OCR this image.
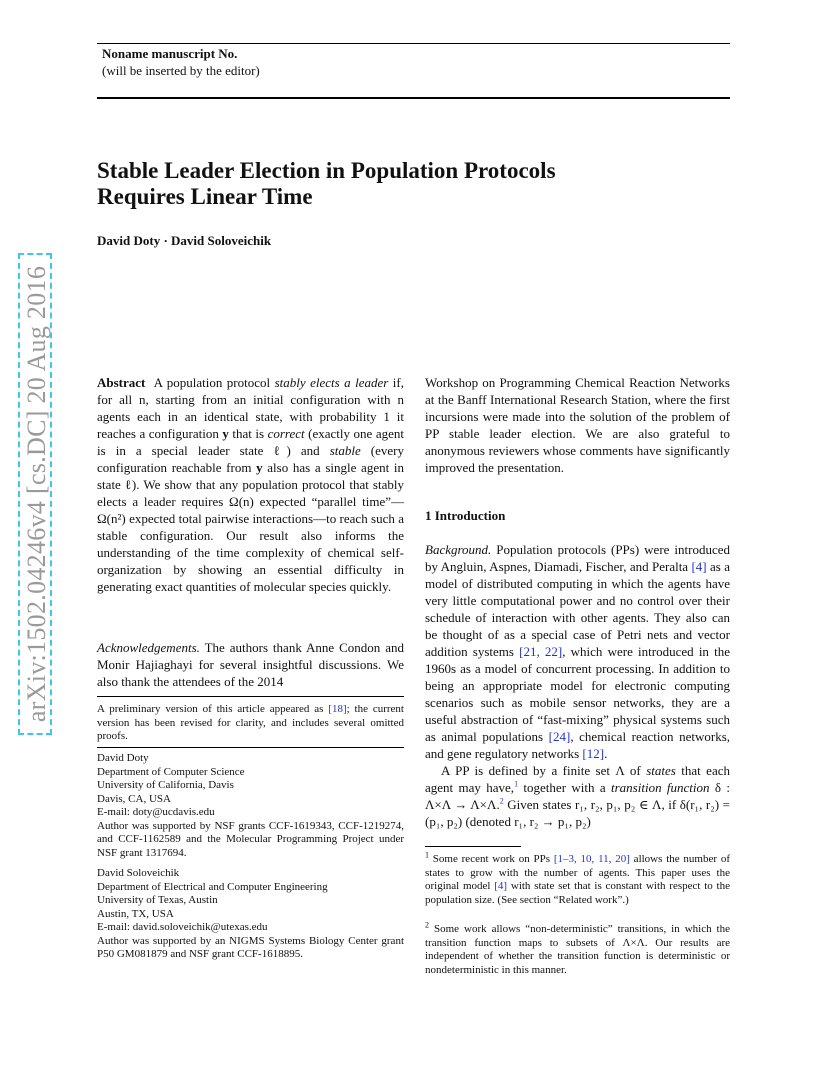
Noname manuscript No.
(will be inserted by the editor)
Stable Leader Election in Population Protocols
Requires Linear Time
David Doty · David Soloveichik
arXiv:1502.04246v4 [cs.DC] 20 Aug 2016	Abstract A population protocol stably elects a leader if, for all n, starting from an initial configuration with n agents each in an identical state, with probability 1 it reaches a configuration y that is correct (exactly one agent is in a special leader state ℓ) and stable (every configuration reachable from y also has a single agent in state ℓ). We show that any population protocol that stably elects a leader requires Ω(n) expected “parallel time”—Ω(n²) expected total pairwise interactions—to reach such a stable configuration. Our result also informs the understanding of the time complexity of chemical self-organization by showing an essential difficulty in generating exact quantities of molecular species quickly.

Acknowledgements. The authors thank Anne Condon and Monir Hajiaghayi for several insightful discussions. We also thank the attendees of the 2014

A preliminary version of this article appeared as [18]; the current version has been revised for clarity, and includes several omitted proofs.
David Doty
Department of Computer Science
University of California, Davis
Davis, CA, USA
E-mail: doty@ucdavis.edu
Author was supported by NSF grants CCF-1619343, CCF-1219274, and CCF-1162589 and the Molecular Programming Project under NSF grant 1317694.
David Soloveichik
Department of Electrical and Computer Engineering
University of Texas, Austin
Austin, TX, USA
E-mail: david.soloveichik@utexas.edu
Author was supported by an NIGMS Systems Biology Center grant P50 GM081879 and NSF grant CCF-1618895.
Workshop on Programming Chemical Reaction Networks at the Banff International Research Station, where the first incursions were made into the solution of the problem of PP stable leader election. We are also grateful to anonymous reviewers whose comments have significantly improved the presentation.
1 Introduction

Background. Population protocols (PPs) were introduced by Angluin, Aspnes, Diamadi, Fischer, and Peralta [4] as a model of distributed computing in which the agents have very little computational power and no control over their schedule of interaction with other agents. They also can be thought of as a special case of Petri nets and vector addition systems [21, 22], which were introduced in the 1960s as a model of concurrent processing. In addition to being an appropriate model for electronic computing scenarios such as mobile sensor networks, they are a useful abstraction of “fast-mixing” physical systems such as animal populations [24], chemical reaction networks, and gene regulatory networks [12].

A PP is defined by a finite set Λ of states that each agent may have,$^1$ together with a transition function δ : Λ×Λ → Λ×Λ.$^2$ Given states r₁, r₂, p₁, p₂ ∈ Λ, if δ(r₁, r₂) = (p₁, p₂) (denoted r₁, r₂ → p₁, p₂)

$^1$ Some recent work on PPs [1–3, 10, 11, 20] allows the number of states to grow with the number of agents. This paper uses the original model [4] with state set that is constant with respect to the population size. (See section “Related work”.)
$^2$ Some work allows “non-deterministic” transitions, in which the transition function maps to subsets of Λ×Λ. Our results are independent of whether the transition function is deterministic or nondeterministic in this manner.
